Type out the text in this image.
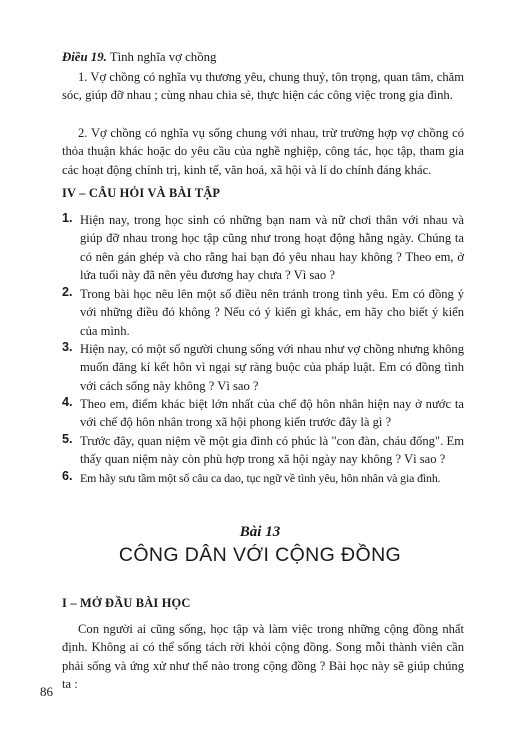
Điều 19. Tình nghĩa vợ chồng

1. Vợ chồng có nghĩa vụ thương yêu, chung thuỷ, tôn trọng, quan tâm, chăm sóc, giúp đỡ nhau ; cùng nhau chia sẻ, thực hiện các công việc trong gia đình.

2. Vợ chồng có nghĩa vụ sống chung với nhau, trừ trường hợp vợ chồng có thỏa thuận khác hoặc do yêu cầu của nghề nghiệp, công tác, học tập, tham gia các hoạt động chính trị, kinh tế, văn hoá, xã hội và lí do chính đáng khác.

IV – CÂU HỎI VÀ BÀI TẬP
1. Hiện nay, trong học sinh có những bạn nam và nữ chơi thân với nhau và giúp đỡ nhau trong học tập cũng như trong hoạt động hằng ngày. Chúng ta có nên gán ghép và cho rằng hai bạn đó yêu nhau hay không ? Theo em, ở lứa tuổi này đã nên yêu đương hay chưa ? Vì sao ?

2. Trong bài học nêu lên một số điều nên tránh trong tình yêu. Em có đồng ý với những điều đó không ? Nếu có ý kiến gì khác, em hãy cho biết ý kiến của mình.

3. Hiện nay, có một số người chung sống với nhau như vợ chồng nhưng không muốn đăng kí kết hôn vì ngại sự ràng buộc của pháp luật. Em có đồng tình với cách sống này không ? Vì sao ?

4. Theo em, điểm khác biệt lớn nhất của chế độ hôn nhân hiện nay ở nước ta với chế độ hôn nhân trong xã hội phong kiến trước đây là gì ?

5. Trước đây, quan niệm về một gia đình có phúc là "con đàn, cháu đống". Em thấy quan niệm này còn phù hợp trong xã hội ngày nay không ? Vì sao ?

6. Em hãy sưu tầm một số câu ca dao, tục ngữ về tình yêu, hôn nhân và gia đình.

Bài 13
CÔNG DÂN VỚI CỘNG ĐỒNG
I – MỞ ĐẦU BÀI HỌC

Con người ai cũng sống, học tập và làm việc trong những cộng đồng nhất định. Không ai có thể sống tách rời khỏi cộng đồng. Song mỗi thành viên cần phải sống và ứng xử như thế nào trong cộng đồng ? Bài học này sẽ giúp chúng ta :

86
